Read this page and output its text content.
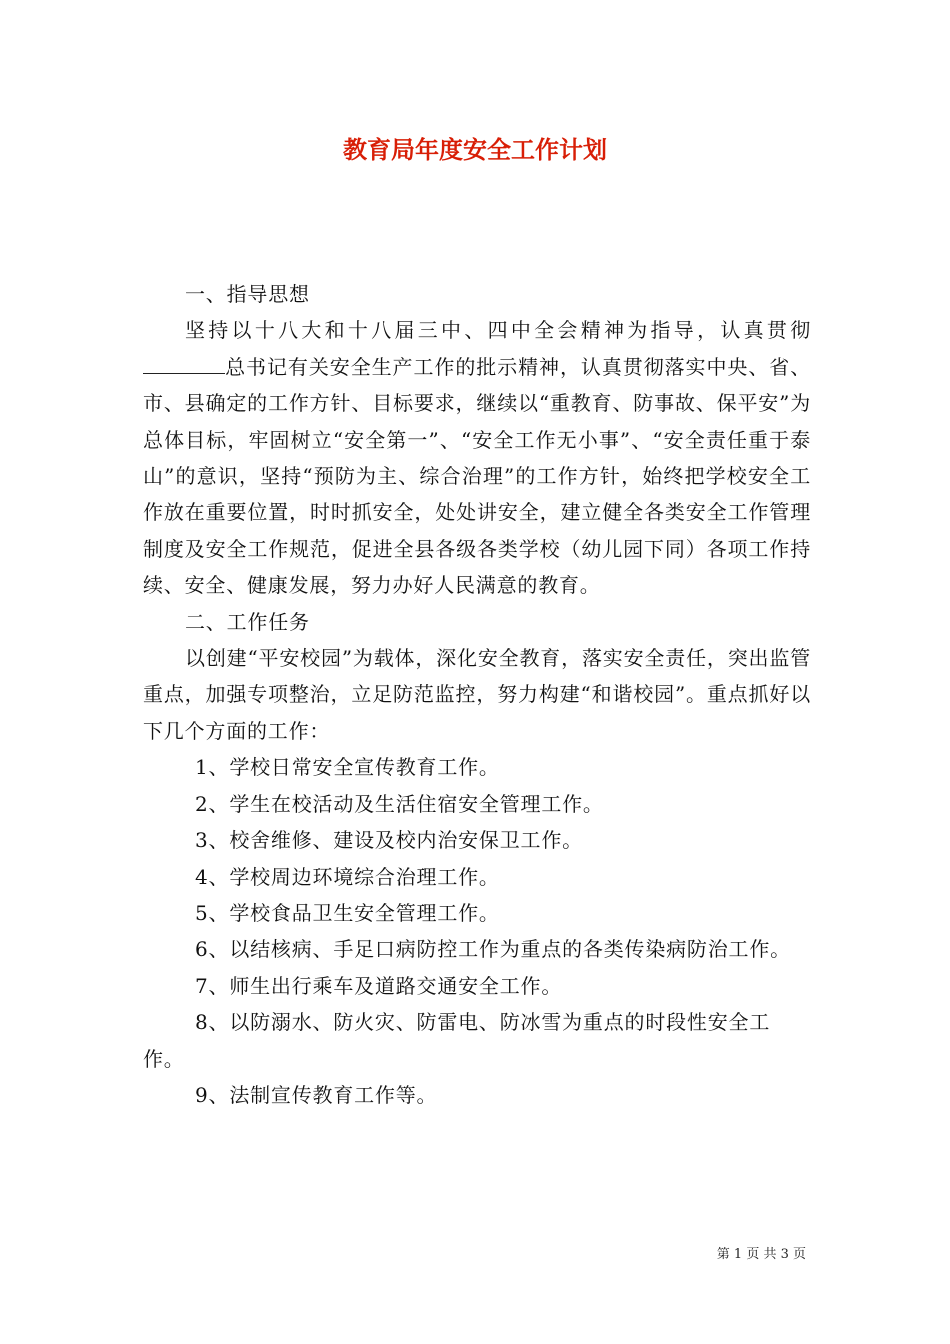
教育局年度安全工作计划

一、指导思想

坚持以十八大和十八届三中、四中全会精神为指导，认真贯彻总书记有关安全生产工作的批示精神，认真贯彻落实中央、省、市、县确定的工作方针、目标要求，继续以“重教育、防事故、保平安”为总体目标，牢固树立“安全第一”、“安全工作无小事”、“安全责任重于泰山”的意识，坚持“预防为主、综合治理”的工作方针，始终把学校安全工作放在重要位置，时时抓安全，处处讲安全，建立健全各类安全工作管理制度及安全工作规范，促进全县各级各类学校（幼儿园下同）各项工作持续、安全、健康发展，努力办好人民满意的教育。

二、工作任务

以创建“平安校园”为载体，深化安全教育，落实安全责任，突出监管重点，加强专项整治，立足防范监控，努力构建“和谐校园”。重点抓好以下几个方面的工作：

1、学校日常安全宣传教育工作。

2、学生在校活动及生活住宿安全管理工作。

3、校舍维修、建设及校内治安保卫工作。

4、学校周边环境综合治理工作。

5、学校食品卫生安全管理工作。

6、以结核病、手足口病防控工作为重点的各类传染病防治工作。

7、师生出行乘车及道路交通安全工作。

8、以防溺水、防火灾、防雷电、防冰雪为重点的时段性安全工作。

9、法制宣传教育工作等。

第 1 页 共 3 页
